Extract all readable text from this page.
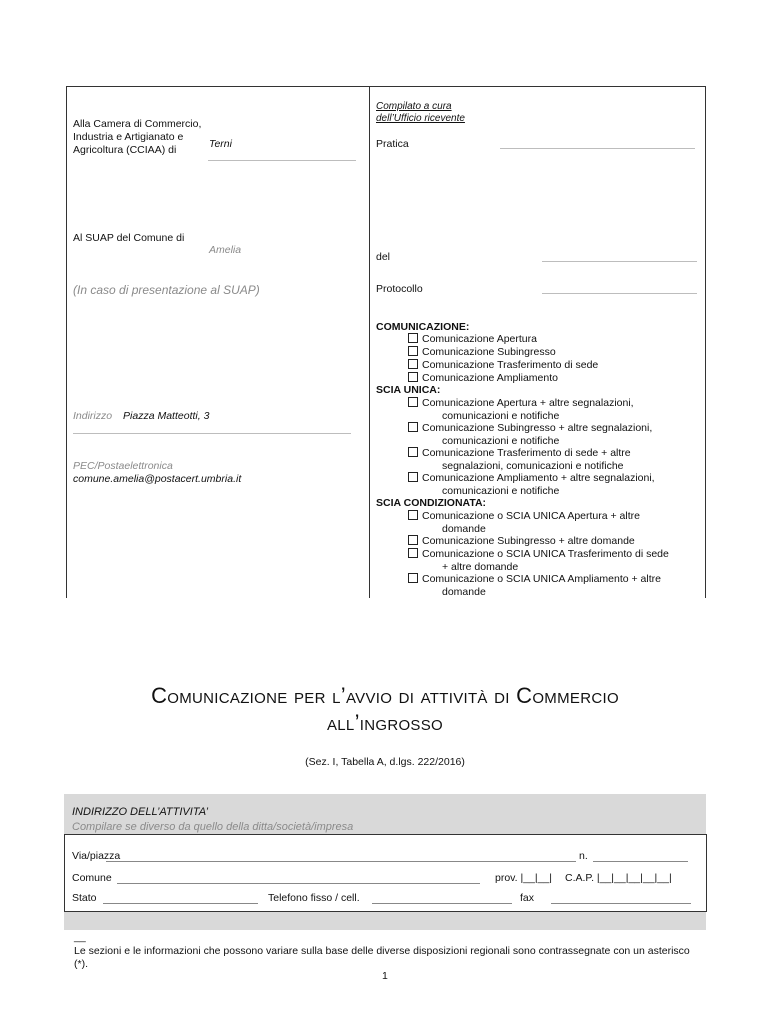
Alla Camera di Commercio, Industria e Artigianato e Agricoltura (CCIAA) di	Terni
Al SUAP del Comune di
Amelia
(In caso di presentazione al SUAP)
Indirizzo Piazza Matteotti, 3
PEC/Postaelettronica
comune.amelia@postacert.umbria.it
Compilato a cura dell’Ufficio ricevente
Pratica
del
Protocollo
COMUNICAZIONE:
Comunicazione Apertura
Comunicazione Subingresso
Comunicazione Trasferimento di sede
Comunicazione Ampliamento
SCIA UNICA:
Comunicazione Apertura + altre segnalazioni,
comunicazioni e notifiche
Comunicazione Subingresso + altre segnalazioni,
comunicazioni e notifiche
Comunicazione Trasferimento di sede + altre
segnalazioni, comunicazioni e notifiche
Comunicazione Ampliamento + altre segnalazioni,
comunicazioni e notifiche
SCIA CONDIZIONATA:
Comunicazione o SCIA UNICA Apertura + altre
domande
Comunicazione Subingresso + altre domande
Comunicazione o SCIA UNICA Trasferimento di sede
+ altre domande
Comunicazione o SCIA UNICA Ampliamento + altre
domande
Comunicazione per l’avvio di attività di Commercio
all’ingrosso
(Sez. I, Tabella A, d.lgs. 222/2016)
INDIRIZZO DELL’ATTIVITA’
Compilare se diverso da quello della ditta/società/impresa
Via/piazza	n.
Comune	prov. |__|__| C.A.P. |__|__|__|__|__|
Stato	Telefono fisso / cell.	fax
__
Le sezioni e le informazioni che possono variare sulla base delle diverse disposizioni regionali sono contrassegnate con un asterisco (*).
1
